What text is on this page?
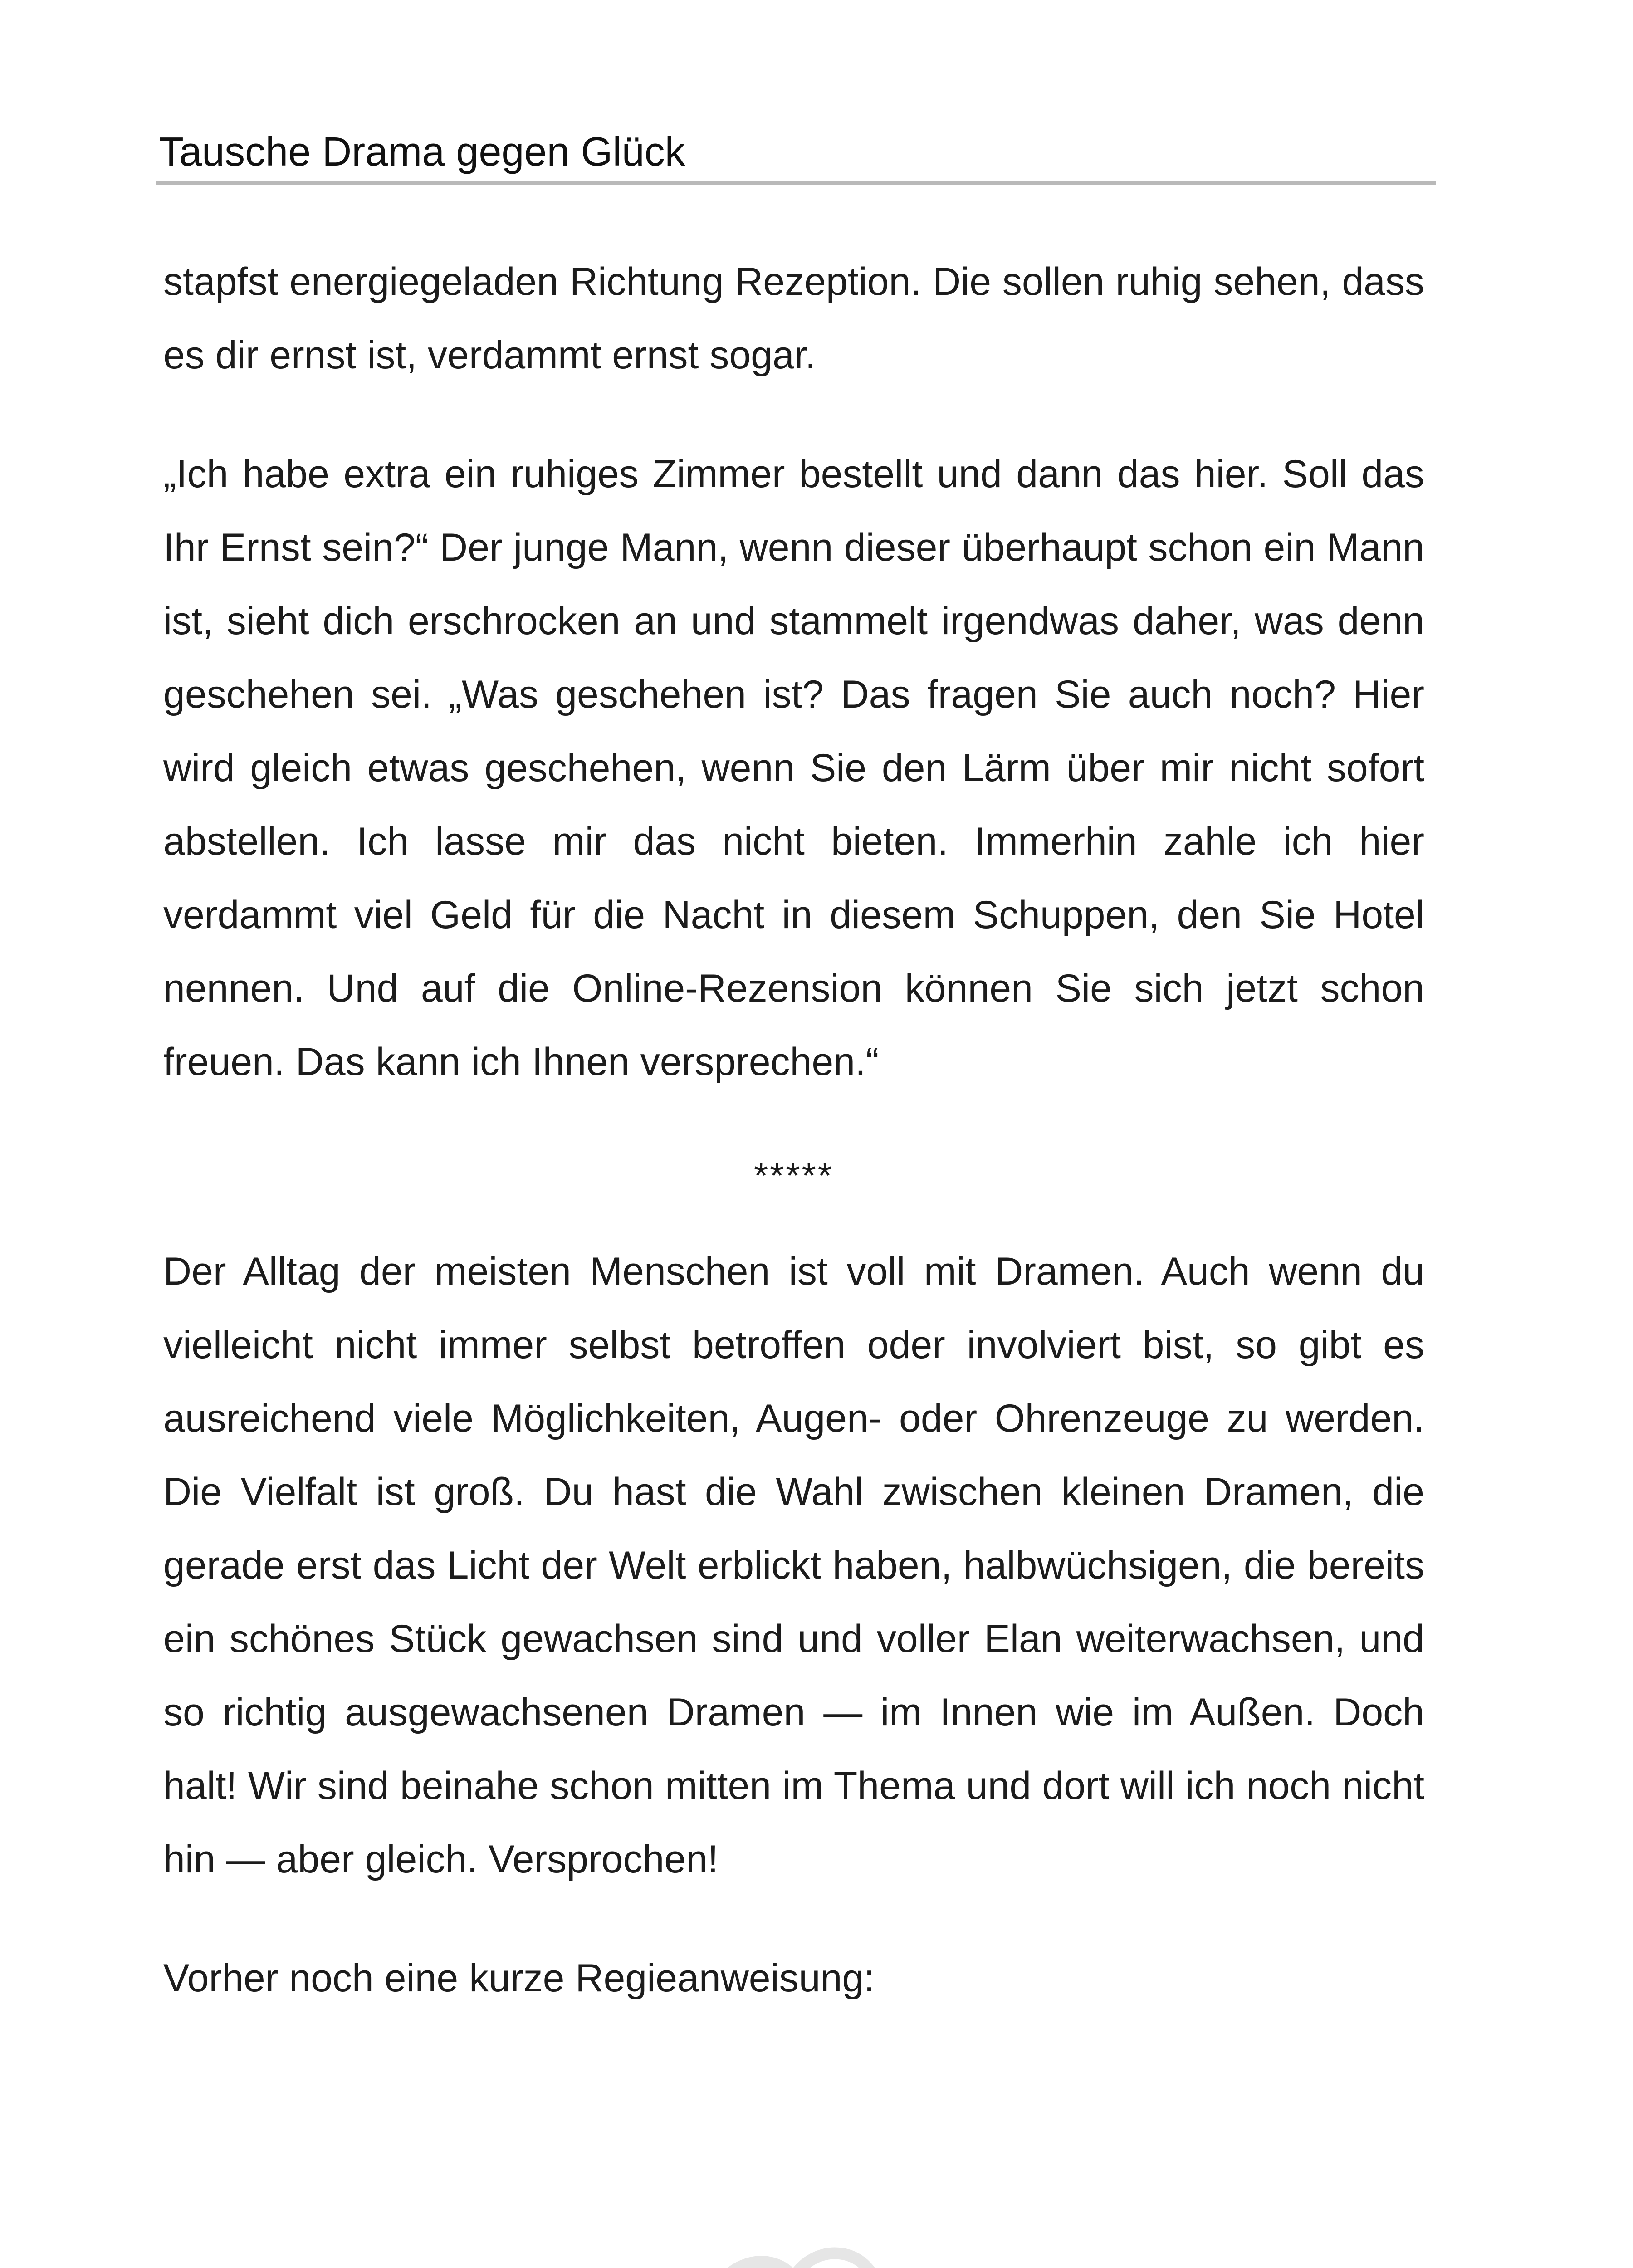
Tausche Drama gegen Glück

stapfst energiegeladen Richtung Rezeption. Die sollen ruhig sehen, dass es dir ernst ist, verdammt ernst sogar.

„Ich habe extra ein ruhiges Zimmer bestellt und dann das hier. Soll das Ihr Ernst sein?“ Der junge Mann, wenn dieser überhaupt schon ein Mann ist, sieht dich erschrocken an und stammelt irgendwas daher, was denn geschehen sei. „Was geschehen ist? Das fragen Sie auch noch? Hier wird gleich etwas geschehen, wenn Sie den Lärm über mir nicht sofort abstellen. Ich lasse mir das nicht bieten. Immerhin zahle ich hier verdammt viel Geld für die Nacht in diesem Schuppen, den Sie Hotel nennen. Und auf die Online-Rezension können Sie sich jetzt schon freuen. Das kann ich Ihnen versprechen.“

*****

Der Alltag der meisten Menschen ist voll mit Dramen. Auch wenn du vielleicht nicht immer selbst betroffen oder involviert bist, so gibt es ausreichend viele Möglichkeiten, Augen- oder Ohrenzeuge zu werden. Die Vielfalt ist groß. Du hast die Wahl zwischen kleinen Dramen, die gerade erst das Licht der Welt erblickt haben, halbwüchsigen, die bereits ein schönes Stück gewachsen sind und voller Elan weiterwachsen, und so richtig ausgewachsenen Dramen — im Innen wie im Außen. Doch halt! Wir sind beinahe schon mitten im Thema und dort will ich noch nicht hin — aber gleich. Versprochen!

Vorher noch eine kurze Regieanweisung:
